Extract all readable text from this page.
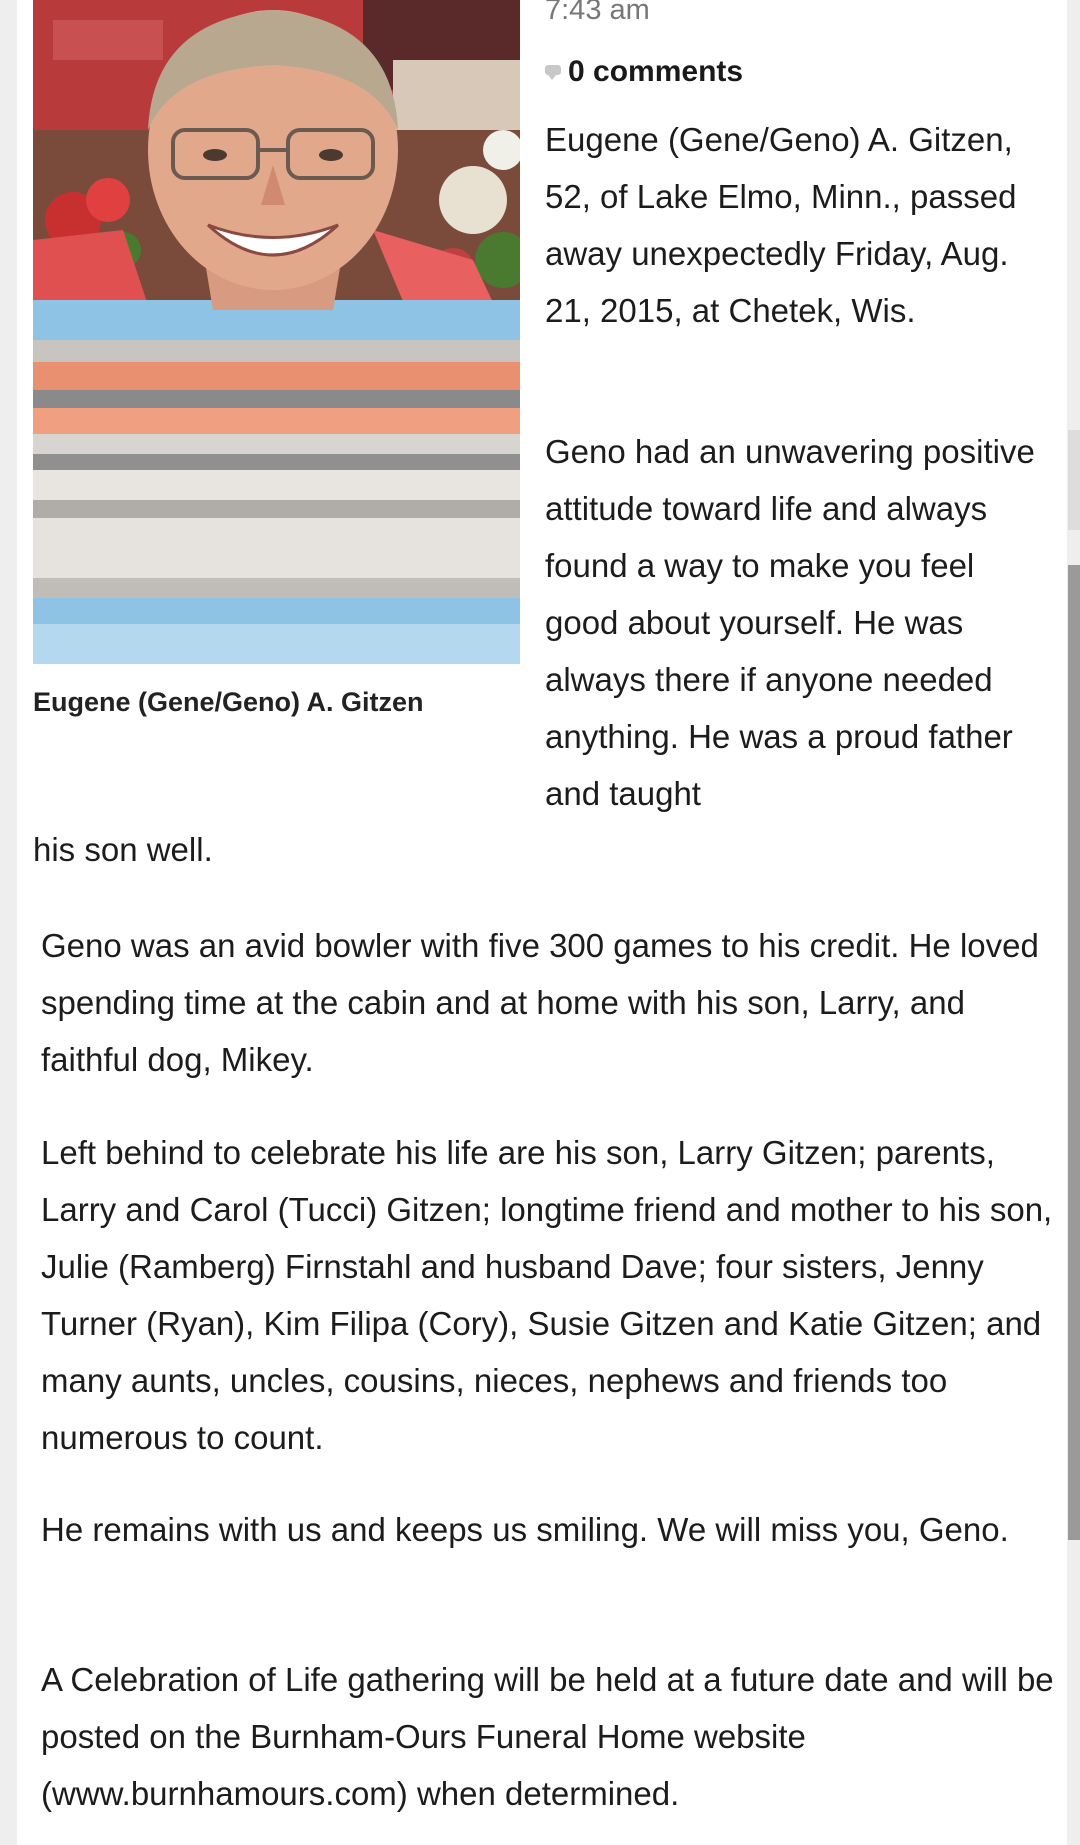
Eugene (Gene/Geno) A. Gitzen
7:43 am
0 comments

Eugene (Gene/Geno) A. Gitzen, 52, of Lake Elmo, Minn., passed away unexpectedly Friday, Aug. 21, 2015, at Chetek, Wis.

Geno had an unwavering positive attitude toward life and always found a way to make you feel good about yourself. He was always there if anyone needed anything. He was a proud father and taught

his son well.

Geno was an avid bowler with five 300 games to his credit. He loved spending time at the cabin and at home with his son, Larry, and faithful dog, Mikey.

Left behind to celebrate his life are his son, Larry Gitzen; parents, Larry and Carol (Tucci) Gitzen; longtime friend and mother to his son, Julie (Ramberg) Firnstahl and husband Dave; four sisters, Jenny Turner (Ryan), Kim Filipa (Cory), Susie Gitzen and Katie Gitzen; and many aunts, uncles, cousins, nieces, nephews and friends too numerous to count.

He remains with us and keeps us smiling. We will miss you, Geno.

A Celebration of Life gathering will be held at a future date and will be posted on the Burnham-Ours Funeral Home website (www.burnhamours.com) when determined.
